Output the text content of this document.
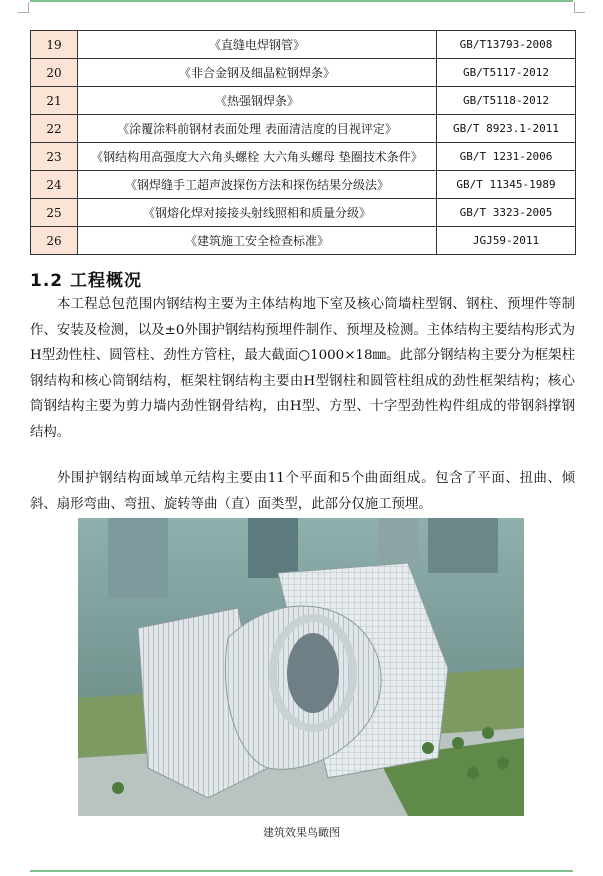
19	《直缝电焊钢管》	GB/T13793-2008
20	《非合金钢及细晶粒钢焊条》	GB/T5117-2012
21	《热强钢焊条》	GB/T5118-2012
22	《涂覆涂料前钢材表面处理 表面清洁度的目视评定》	GB/T 8923.1-2011
23	《钢结构用高强度大六角头螺栓 大六角头螺母 垫圈技术条件》	GB/T 1231-2006
24	《钢焊缝手工超声波探伤方法和探伤结果分级法》	GB/T 11345-1989
25	《钢熔化焊对接接头射线照相和质量分级》	GB/T 3323-2005
26	《建筑施工安全检查标准》	JGJ59-2011
1.2 工程概况

本工程总包范围内钢结构主要为主体结构地下室及核心筒墙柱型钢、钢柱、预埋件等制作、安装及检测，以及±0外围护钢结构预埋件制作、预埋及检测。主体结构主要结构形式为H型劲性柱、圆管柱、劲性方管柱，最大截面○1000×18㎜。此部分钢结构主要分为框架柱钢结构和核心筒钢结构，框架柱钢结构主要由H型钢柱和圆管柱组成的劲性框架结构；核心筒钢结构主要为剪力墙内劲性钢骨结构，由H型、方型、十字型劲性构件组成的带钢斜撑钢结构。

外围护钢结构面域单元结构主要由11个平面和5个曲面组成。包含了平面、扭曲、倾斜、扇形弯曲、弯扭、旋转等曲（直）面类型，此部分仅施工预埋。

建筑效果鸟瞰图
